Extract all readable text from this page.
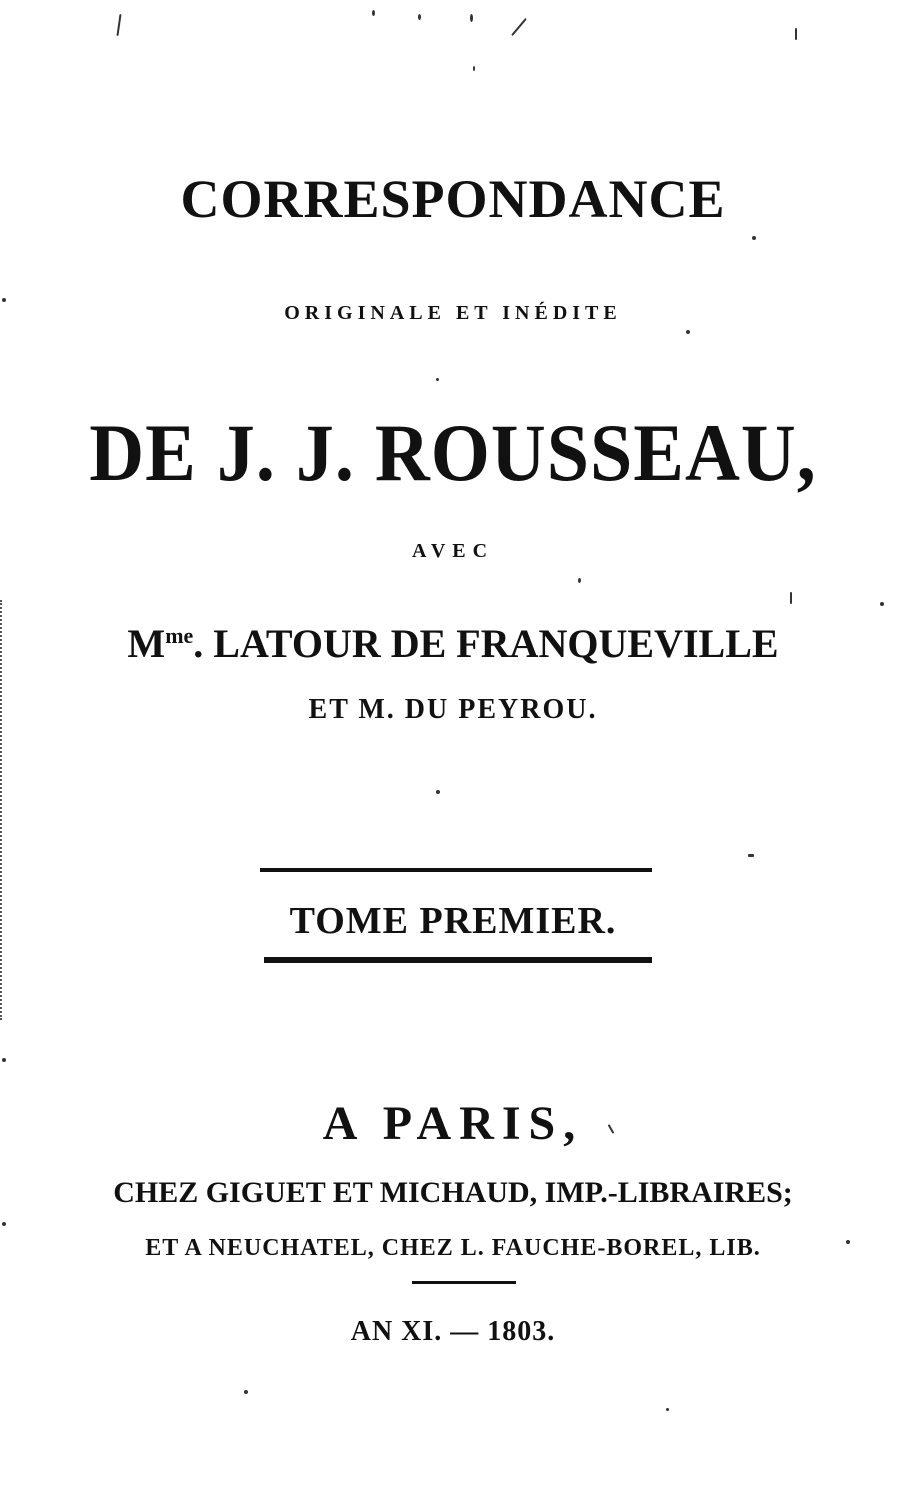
CORRESPONDANCE
ORIGINALE ET INÉDITE
DE J. J. ROUSSEAU,
AVEC
$M^{me}$. LATOUR DE FRANQUEVILLE
ET M. DU PEYROU.
TOME PREMIER.
A PARIS,
CHEZ GIGUET ET MICHAUD, IMP.-LIBRAIRES;
ET A NEUCHATEL, CHEZ L. FAUCHE-BOREL, LIB.
AN XI. — 1803.
